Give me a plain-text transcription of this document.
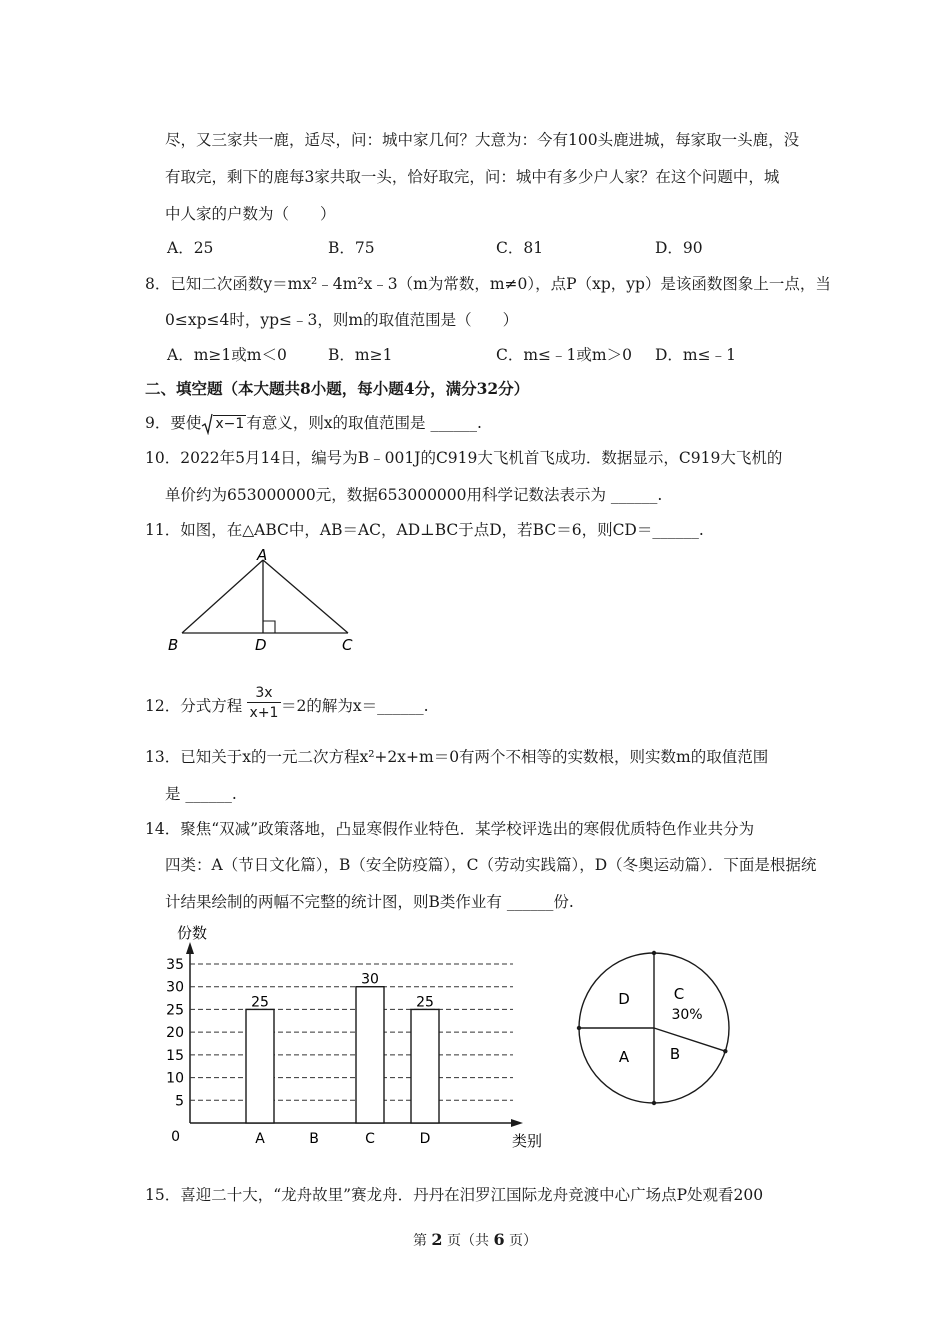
尽，又三家共一鹿，适尽，问：城中家几何？大意为：今有100头鹿进城，每家取一头鹿，没
有取完，剩下的鹿每3家共取一头，恰好取完，问：城中有多少户人家？在这个问题中，城
中人家的户数为（　　）
A．25	B．75	C．81	D．90
8．已知二次函数y＝mx²﹣4m²x﹣3（m为常数，m≠0），点P（xp，yp）是该函数图象上一点，当
0≤xp≤4时，yp≤﹣3，则m的取值范围是（　　）
A．m≥1或m＜0	B．m≥1	C．m≤﹣1或m＞0 D．m≤﹣1
二、填空题（本大题共8小题，每小题4分，满分32分）
9．要使 x−1 有意义，则x的取值范围是 ______.
10．2022年5月14日，编号为B﹣001J的C919大飞机首飞成功．数据显示，C919大飞机的
单价约为653000000元，数据653000000用科学记数法表示为 ______.
11．如图，在△ABC中，AB＝AC，AD⊥BC于点D，若BC＝6，则CD＝______.
A
B	D	C
12．分式方程 $\frac{3x}{x+1} =2$的解为x＝______.
13．已知关于x的一元二次方程x²+2x+m＝0有两个不相等的实数根，则实数m的取值范围
是 ______.
14．聚焦“双减”政策落地，凸显寒假作业特色．某学校评选出的寒假优质特色作业共分为
四类：A（节日文化篇），B（安全防疫篇），C（劳动实践篇），D（冬奥运动篇）．下面是根据统
计结果绘制的两幅不完整的统计图，则B类作业有 ______份.
0
5
10
15
20
25
30
35
份数
类别
25
A	B
30
C
25
D
C
30%
B
A
D
15．喜迎二十大，“龙舟故里”赛龙舟．丹丹在汨罗江国际龙舟竞渡中心广场点P处观看200
第 2 页（共 6 页）
